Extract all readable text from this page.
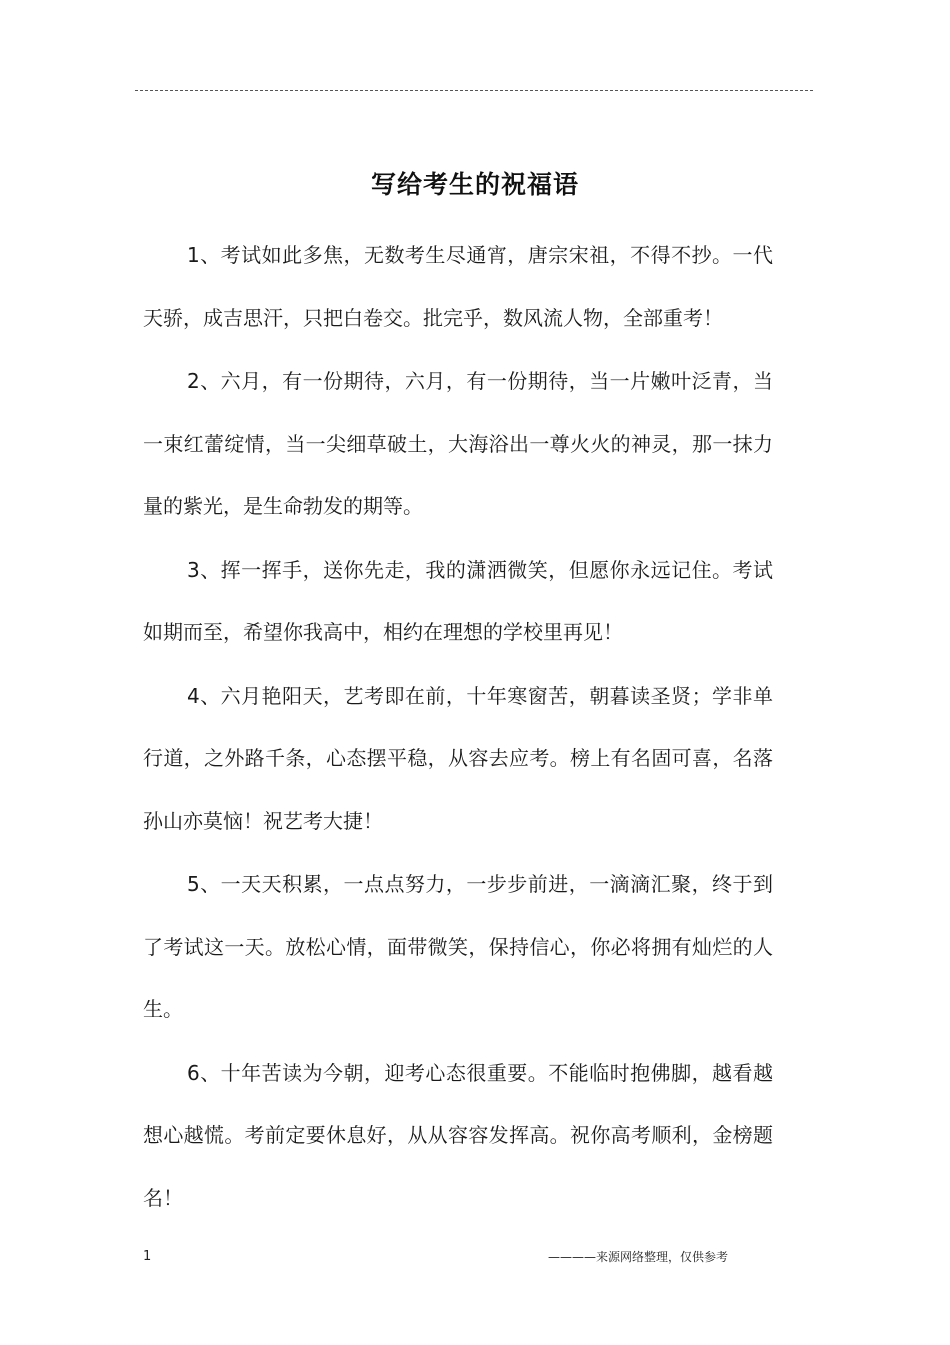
写给考生的祝福语

1、考试如此多焦，无数考生尽通宵，唐宗宋祖，不得不抄。一代天骄，成吉思汗，只把白卷交。批完乎，数风流人物，全部重考！

2、六月，有一份期待，六月，有一份期待，当一片嫩叶泛青，当一束红蕾绽情，当一尖细草破土，大海浴出一尊火火的神灵，那一抹力量的紫光，是生命勃发的期等。

3、挥一挥手，送你先走，我的潇洒微笑，但愿你永远记住。考试如期而至，希望你我高中，相约在理想的学校里再见！

4、六月艳阳天，艺考即在前，十年寒窗苦，朝暮读圣贤；学非单行道，之外路千条，心态摆平稳，从容去应考。榜上有名固可喜，名落孙山亦莫恼！祝艺考大捷！

5、一天天积累，一点点努力，一步步前进，一滴滴汇聚，终于到了考试这一天。放松心情，面带微笑，保持信心，你必将拥有灿烂的人生。

6、十年苦读为今朝，迎考心态很重要。不能临时抱佛脚，越看越想心越慌。考前定要休息好，从从容容发挥高。祝你高考顺利，金榜题名！

1	————来源网络整理，仅供参考
